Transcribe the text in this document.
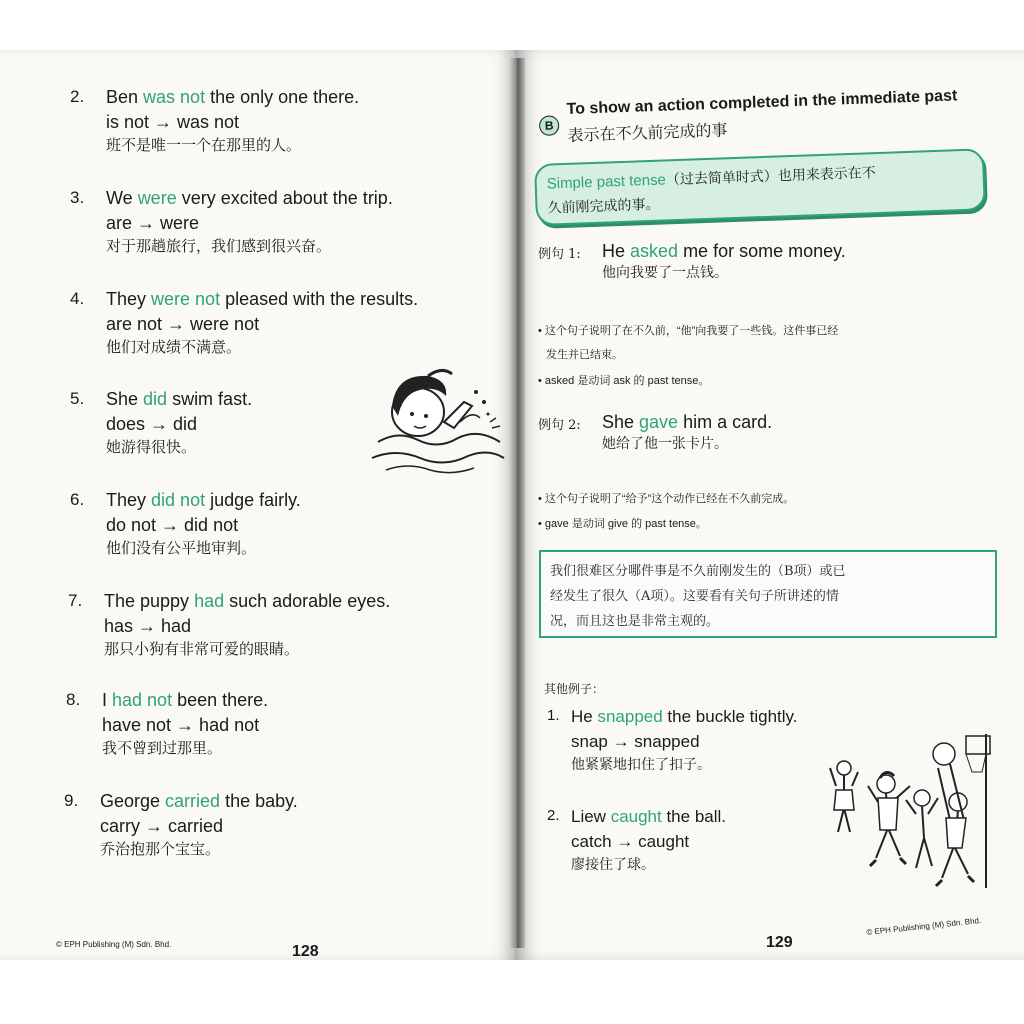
2. Ben was not the only one there.
is not → was not
班不是唯一一个在那里的人。
3. We were very excited about the trip.
are → were
对于那趟旅行，我们感到很兴奋。
4. They were not pleased with the results.
are not → were not
他们对成绩不满意。
5. She did swim fast.
does → did
她游得很快。
6. They did not judge fairly.
do not → did not
他们没有公平地审判。
7. The puppy had such adorable eyes.
has → had
那只小狗有非常可爱的眼睛。
8. I had not been there.
have not → had not
我不曾到过那里。
9. George carried the baby.
carry → carried
乔治抱那个宝宝。
© EPH Publishing (M) Sdn. Bhd.	128
B
To show an action completed in the immediate past
表示在不久前完成的事
Simple past tense（过去简单时式）也用来表示在不
久前刚完成的事。
例句 1: He asked me for some money.
他向我要了一点钱。
• 这个句子说明了在不久前，“他”向我要了一些钱。这件事已经
发生并已结束。
• asked 是动词 ask 的 past tense。
例句 2: She gave him a card.
她给了他一张卡片。
• 这个句子说明了“给予”这个动作已经在不久前完成。
• gave 是动词 give 的 past tense。
我们很难区分哪件事是不久前刚发生的（B项）或已
经发生了很久（A项）。这要看有关句子所讲述的情
况，而且这也是非常主观的。
其他例子：
1. He snapped the buckle tightly.
snap → snapped
他紧紧地扣住了扣子。
2. Liew caught the ball.
catch → caught
廖接住了球。
129
© EPH Publishing (M) Sdn. Bhd.
